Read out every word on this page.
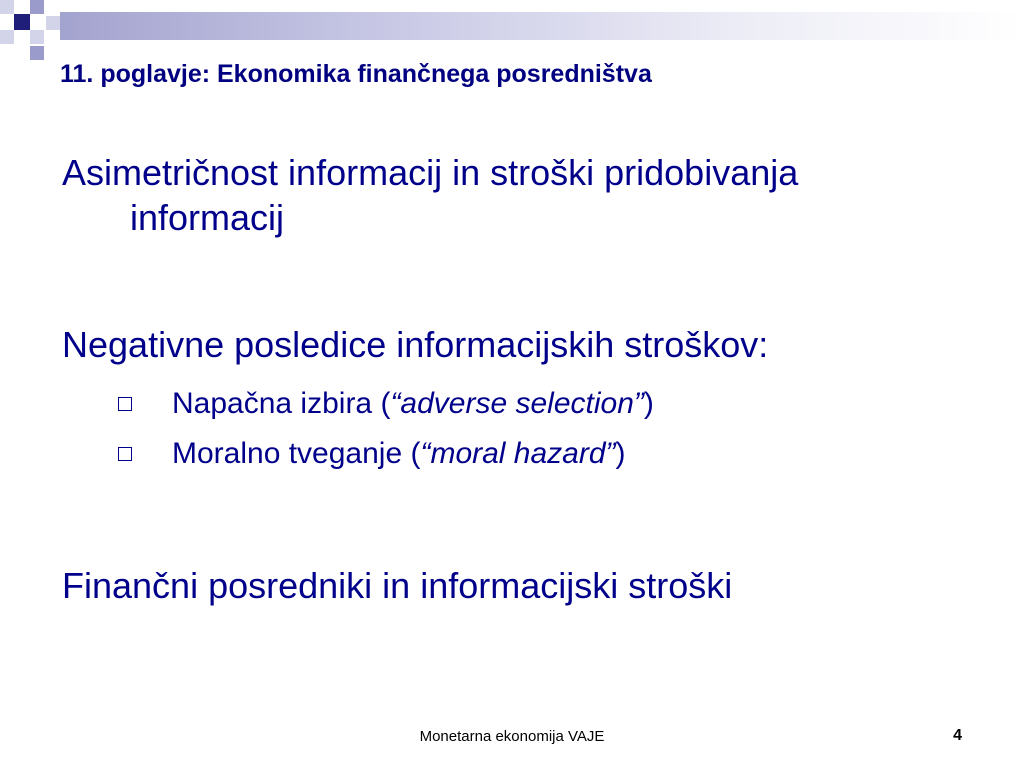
11. poglavje: Ekonomika finančnega posredništva

Asimetričnost informacij in stroški pridobivanja informacij

Negativne posledice informacijskih stroškov:

Napačna izbira (“adverse selection”)

Moralno tveganje (“moral hazard”)

Finančni posredniki in informacijski stroški

Monetarna ekonomija VAJE	4
